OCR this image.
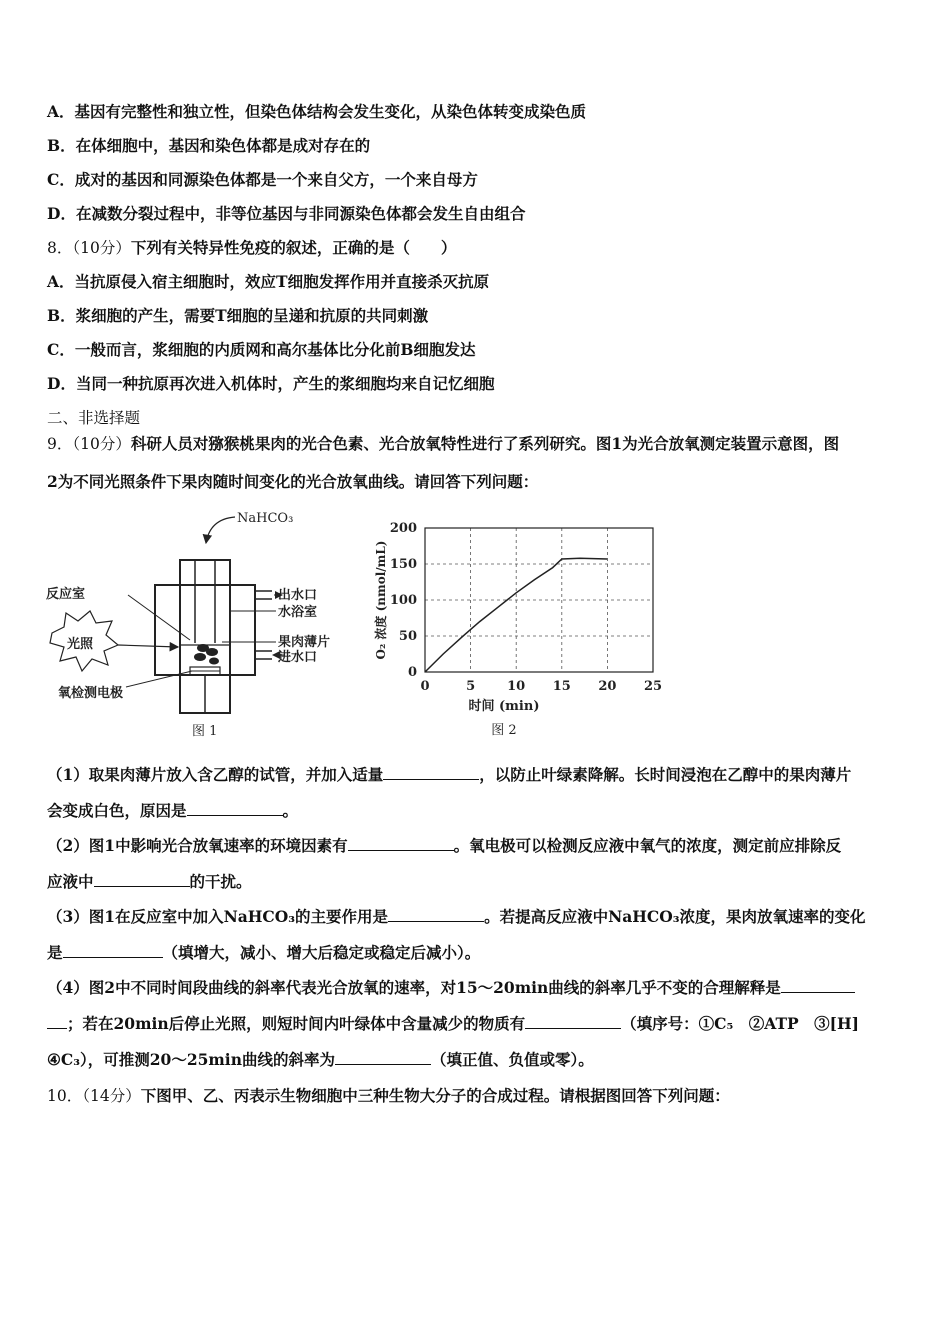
A．基因有完整性和独立性，但染色体结构会发生变化，从染色体转变成染色质
B．在体细胞中，基因和染色体都是成对存在的
C．成对的基因和同源染色体都是一个来自父方，一个来自母方
D．在减数分裂过程中，非等位基因与非同源染色体都会发生自由组合
8．（10分）下列有关特异性免疫的叙述，正确的是（　　）
A．当抗原侵入宿主细胞时，效应T细胞发挥作用并直接杀灭抗原
B．浆细胞的产生，需要T细胞的呈递和抗原的共同刺激
C．一般而言，浆细胞的内质网和高尔基体比分化前B细胞发达
D．当同一种抗原再次进入机体时，产生的浆细胞均来自记忆细胞
二、非选择题
9．（10分）科研人员对猕猴桃果肉的光合色素、光合放氧特性进行了系列研究。图1为光合放氧测定装置示意图，图
2为不同光照条件下果肉随时间变化的光合放氧曲线。请回答下列问题：
NaHCO₃
出水口
水浴室
果肉薄片
进水口
反应室
光照
氧检测电极
图 1
0
50
100
150
200
0	5 10 15 20 25
时间 (min)
O₂ 浓度 (nmol/mL)
图 2
（1）取果肉薄片放入含乙醇的试管，并加入适量	，以防止叶绿素降解。长时间浸泡在乙醇中的果肉薄片
会变成白色，原因是	。
（2）图1中影响光合放氧速率的环境因素有	。氧电极可以检测反应液中氧气的浓度，测定前应排除反
应液中	的干扰。
（3）图1在反应室中加入NaHCO₃的主要作用是	。若提高反应液中NaHCO₃浓度，果肉放氧速率的变化
是	（填增大，减小、增大后稳定或稳定后减小）。
（4）图2中不同时间段曲线的斜率代表光合放氧的速率，对15～20min曲线的斜率几乎不变的合理解释是
；若在20min后停止光照，则短时间内叶绿体中含量减少的物质有	（填序号：①C₅　②ATP　③[H]
④C₃），可推测20～25min曲线的斜率为	（填正值、负值或零）。
10．（14分）下图甲、乙、丙表示生物细胞中三种生物大分子的合成过程。请根据图回答下列问题：
